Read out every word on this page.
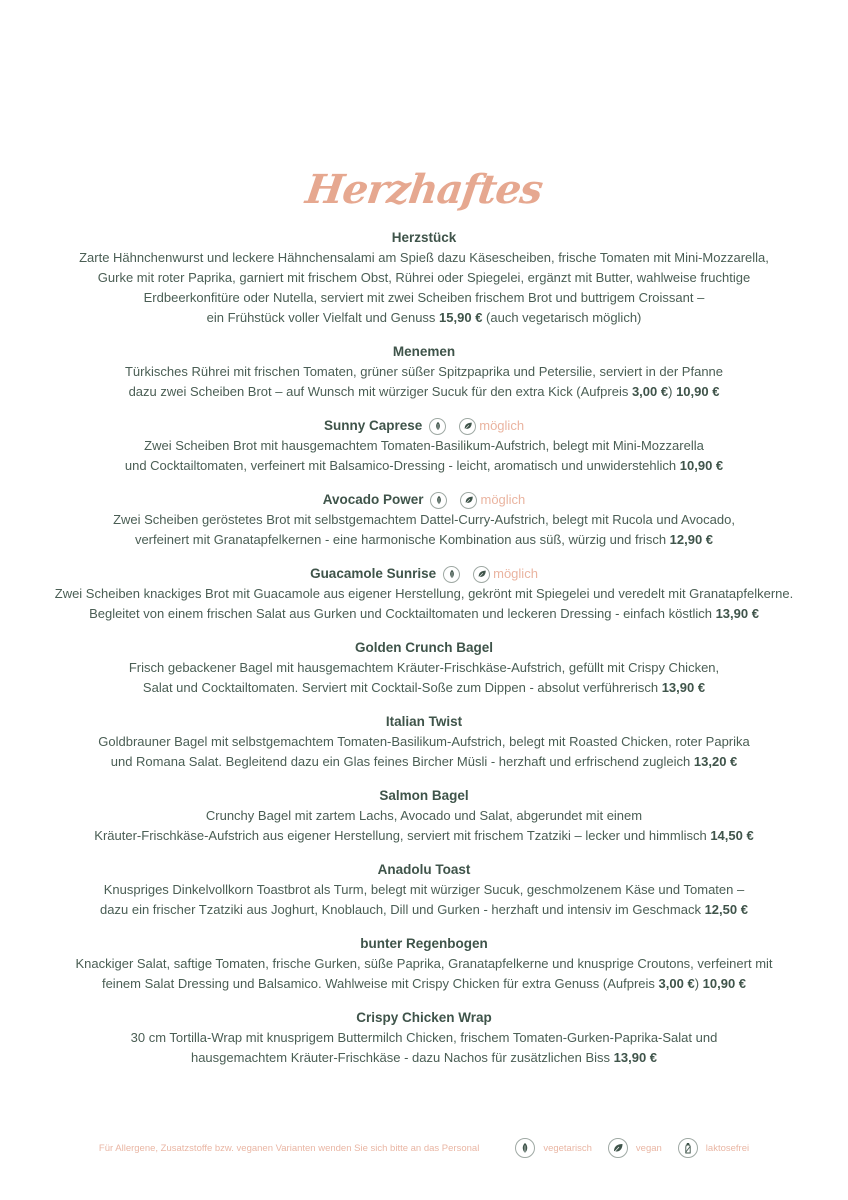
Herzhaftes
Herzstück
Zarte Hähnchenwurst und leckere Hähnchensalami am Spieß dazu Käsescheiben, frische Tomaten mit Mini-Mozzarella,
Gurke mit roter Paprika, garniert mit frischem Obst, Rührei oder Spiegelei, ergänzt mit Butter, wahlweise fruchtige
Erdbeerkonfitüre oder Nutella, serviert mit zwei Scheiben frischem Brot und buttrigem Croissant –
ein Frühstück voller Vielfalt und Genuss 15,90 € (auch vegetarisch möglich)
Menemen
Türkisches Rührei mit frischen Tomaten, grüner süßer Spitzpaprika und Petersilie, serviert in der Pfanne
dazu zwei Scheiben Brot – auf Wunsch mit würziger Sucuk für den extra Kick (Aufpreis 3,00 €) 10,90 €
Sunny Caprese	möglich
Zwei Scheiben Brot mit hausgemachtem Tomaten-Basilikum-Aufstrich, belegt mit Mini-Mozzarella
und Cocktailtomaten, verfeinert mit Balsamico-Dressing - leicht, aromatisch und unwiderstehlich 10,90 €
Avocado Power	möglich
Zwei Scheiben geröstetes Brot mit selbstgemachtem Dattel-Curry-Aufstrich, belegt mit Rucola und Avocado,
verfeinert mit Granatapfelkernen - eine harmonische Kombination aus süß, würzig und frisch 12,90 €
Guacamole Sunrise	möglich
Zwei Scheiben knackiges Brot mit Guacamole aus eigener Herstellung, gekrönt mit Spiegelei und veredelt mit Granatapfelkerne.
Begleitet von einem frischen Salat aus Gurken und Cocktailtomaten und leckeren Dressing - einfach köstlich 13,90 €
Golden Crunch Bagel
Frisch gebackener Bagel mit hausgemachtem Kräuter-Frischkäse-Aufstrich, gefüllt mit Crispy Chicken,
Salat und Cocktailtomaten. Serviert mit Cocktail-Soße zum Dippen - absolut verführerisch 13,90 €
Italian Twist
Goldbrauner Bagel mit selbstgemachtem Tomaten-Basilikum-Aufstrich, belegt mit Roasted Chicken, roter Paprika
und Romana Salat. Begleitend dazu ein Glas feines Bircher Müsli - herzhaft und erfrischend zugleich 13,20 €
Salmon Bagel
Crunchy Bagel mit zartem Lachs, Avocado und Salat, abgerundet mit einem
Kräuter-Frischkäse-Aufstrich aus eigener Herstellung, serviert mit frischem Tzatziki – lecker und himmlisch 14,50 €
Anadolu Toast
Knuspriges Dinkelvollkorn Toastbrot als Turm, belegt mit würziger Sucuk, geschmolzenem Käse und Tomaten –
dazu ein frischer Tzatziki aus Joghurt, Knoblauch, Dill und Gurken - herzhaft und intensiv im Geschmack 12,50 €
bunter Regenbogen
Knackiger Salat, saftige Tomaten, frische Gurken, süße Paprika, Granatapfelkerne und knusprige Croutons, verfeinert mit
feinem Salat Dressing und Balsamico. Wahlweise mit Crispy Chicken für extra Genuss (Aufpreis 3,00 €) 10,90 €
Crispy Chicken Wrap
30 cm Tortilla-Wrap mit knusprigem Buttermilch Chicken, frischem Tomaten-Gurken-Paprika-Salat und
hausgemachtem Kräuter-Frischkäse - dazu Nachos für zusätzlichen Biss 13,90 €
Für Allergene, Zusatzstoffe bzw. veganen Varianten wenden Sie sich bitte an das Personal	vegetarisch	vegan	laktosefrei
